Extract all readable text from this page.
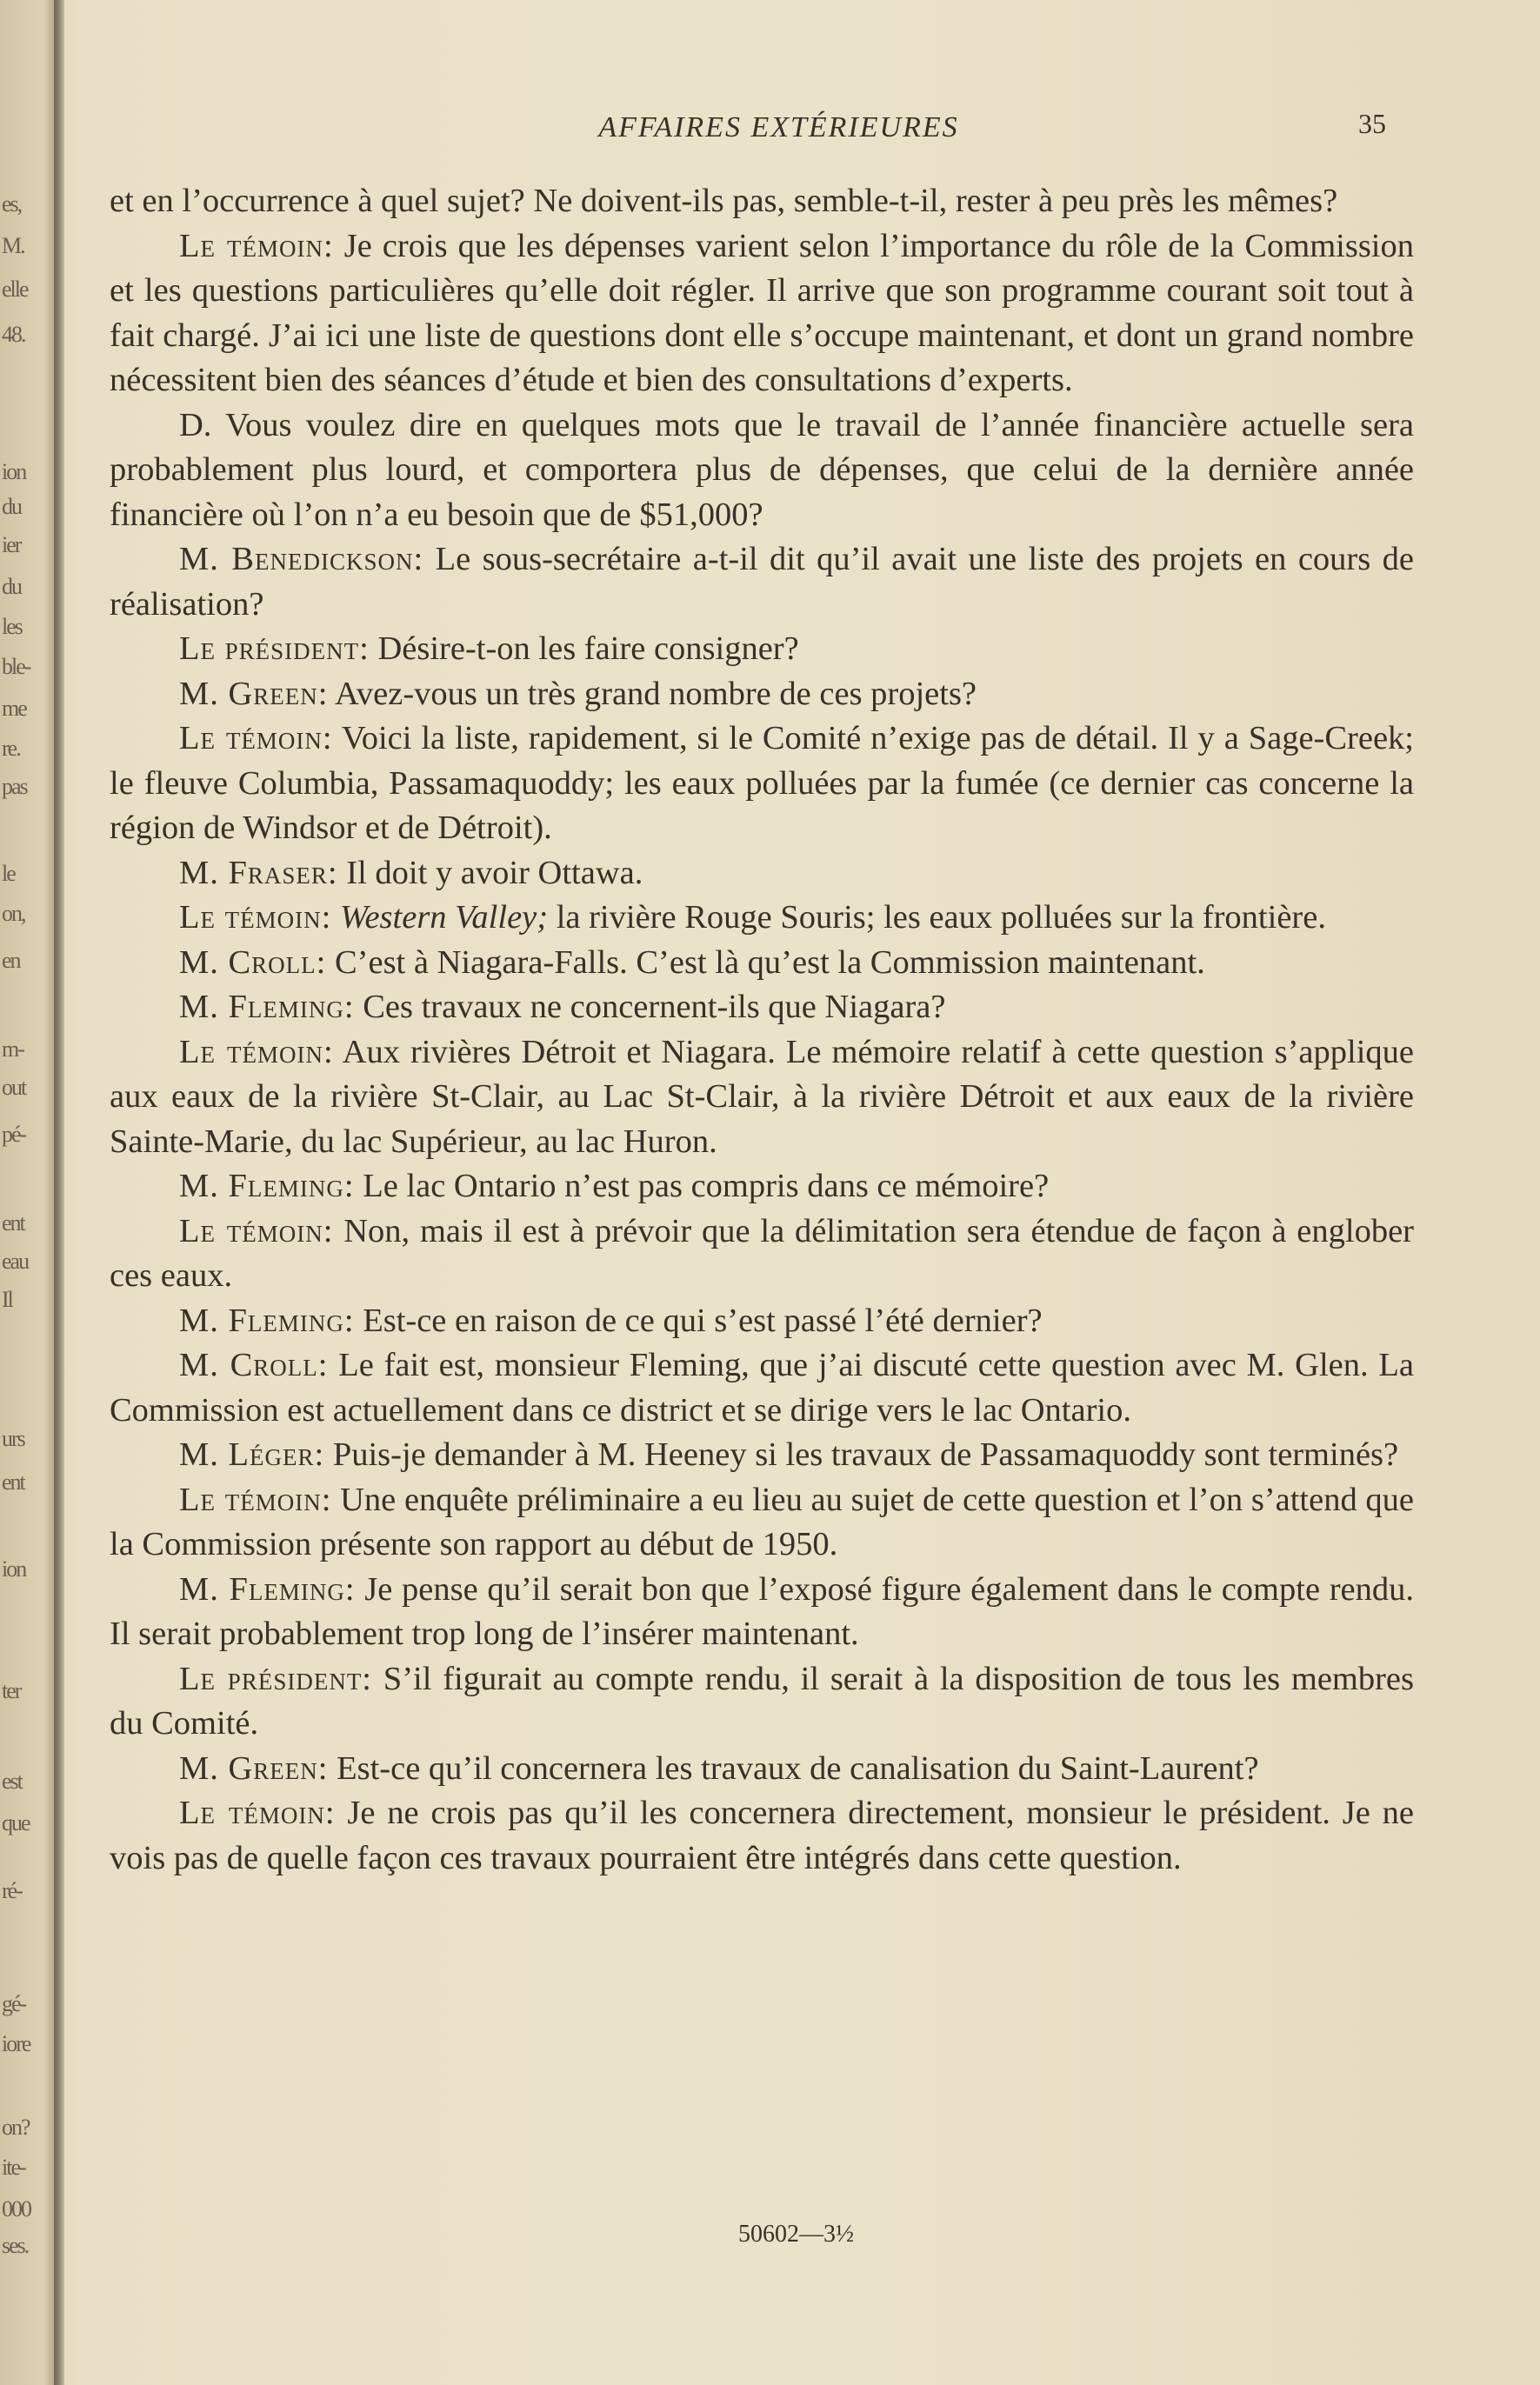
es,
M.
elle
48.
ion
du
ier
du
les
ble-
me
re.
pas
le
on,
en
m-
out
pé-
ent
eau
Il
urs
ent
ion
ter
est
que
ré-
gé-
iore
on?
ite-
000
ses.
AFFAIRES EXTÉRIEURES	35

et en l’occurrence à quel sujet? Ne doivent-ils pas, semble-t-il, rester à peu près les mêmes?

Le témoin: Je crois que les dépenses varient selon l’importance du rôle de la Commission et les questions particulières qu’elle doit régler. Il arrive que son programme courant soit tout à fait chargé. J’ai ici une liste de questions dont elle s’occupe maintenant, et dont un grand nombre nécessitent bien des séances d’étude et bien des consultations d’experts.

D. Vous voulez dire en quelques mots que le travail de l’année financière actuelle sera probablement plus lourd, et comportera plus de dépenses, que celui de la dernière année financière où l’on n’a eu besoin que de $51,000?

M. Benedickson: Le sous-secrétaire a-t-il dit qu’il avait une liste des projets en cours de réalisation?

Le président: Désire-t-on les faire consigner?

M. Green: Avez-vous un très grand nombre de ces projets?

Le témoin: Voici la liste, rapidement, si le Comité n’exige pas de détail. Il y a Sage-Creek; le fleuve Columbia, Passamaquoddy; les eaux polluées par la fumée (ce dernier cas concerne la région de Windsor et de Détroit).

M. Fraser: Il doit y avoir Ottawa.

Le témoin: Western Valley; la rivière Rouge Souris; les eaux polluées sur la frontière.

M. Croll: C’est à Niagara-Falls. C’est là qu’est la Commission maintenant.

M. Fleming: Ces travaux ne concernent-ils que Niagara?

Le témoin: Aux rivières Détroit et Niagara. Le mémoire relatif à cette question s’applique aux eaux de la rivière St-Clair, au Lac St-Clair, à la rivière Détroit et aux eaux de la rivière Sainte-Marie, du lac Supérieur, au lac Huron.

M. Fleming: Le lac Ontario n’est pas compris dans ce mémoire?

Le témoin: Non, mais il est à prévoir que la délimitation sera étendue de façon à englober ces eaux.

M. Fleming: Est-ce en raison de ce qui s’est passé l’été dernier?

M. Croll: Le fait est, monsieur Fleming, que j’ai discuté cette question avec M. Glen. La Commission est actuellement dans ce district et se dirige vers le lac Ontario.

M. Léger: Puis-je demander à M. Heeney si les travaux de Passamaquoddy sont terminés?

Le témoin: Une enquête préliminaire a eu lieu au sujet de cette question et l’on s’attend que la Commission présente son rapport au début de 1950.

M. Fleming: Je pense qu’il serait bon que l’exposé figure également dans le compte rendu. Il serait probablement trop long de l’insérer maintenant.

Le président: S’il figurait au compte rendu, il serait à la disposition de tous les membres du Comité.

M. Green: Est-ce qu’il concernera les travaux de canalisation du Saint-Laurent?

Le témoin: Je ne crois pas qu’il les concernera directement, monsieur le président. Je ne vois pas de quelle façon ces travaux pourraient être intégrés dans cette question.

50602—3½
